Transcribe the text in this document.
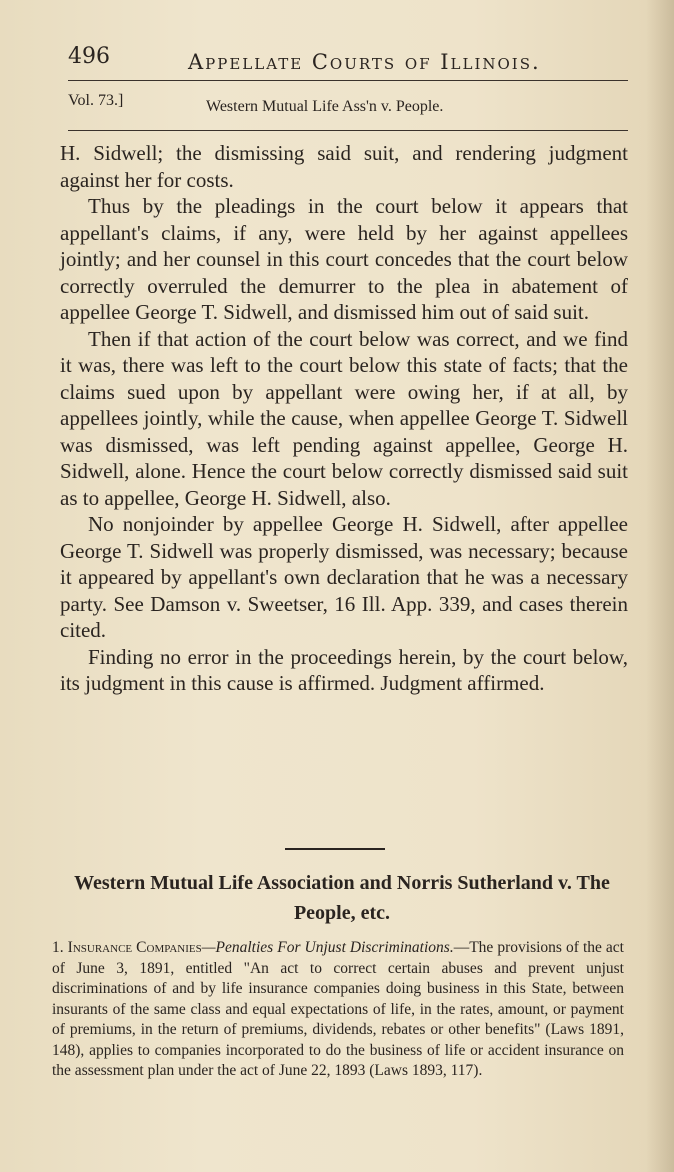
496	Appellate Courts of Illinois.
Vol. 73.]	Western Mutual Life Ass'n v. People.

H. Sidwell; the dismissing said suit, and rendering judgment against her for costs.

Thus by the pleadings in the court below it appears that appellant's claims, if any, were held by her against appellees jointly; and her counsel in this court concedes that the court below correctly overruled the demurrer to the plea in abatement of appellee George T. Sidwell, and dismissed him out of said suit.

Then if that action of the court below was correct, and we find it was, there was left to the court below this state of facts; that the claims sued upon by appellant were owing her, if at all, by appellees jointly, while the cause, when appellee George T. Sidwell was dismissed, was left pending against appellee, George H. Sidwell, alone. Hence the court below correctly dismissed said suit as to appellee, George H. Sidwell, also.

No nonjoinder by appellee George H. Sidwell, after appellee George T. Sidwell was properly dismissed, was necessary; because it appeared by appellant's own declaration that he was a necessary party. See Damson v. Sweetser, 16 Ill. App. 339, and cases therein cited.

Finding no error in the proceedings herein, by the court below, its judgment in this cause is affirmed. Judgment affirmed.

Western Mutual Life Association and Norris Sutherland v. The People, etc.
1. Insurance Companies—Penalties For Unjust Discriminations.—The provisions of the act of June 3, 1891, entitled "An act to correct certain abuses and prevent unjust discriminations of and by life insurance companies doing business in this State, between insurants of the same class and equal expectations of life, in the rates, amount, or payment of premiums, in the return of premiums, dividends, rebates or other benefits" (Laws 1891, 148), applies to companies incorporated to do the business of life or accident insurance on the assessment plan under the act of June 22, 1893 (Laws 1893, 117).
